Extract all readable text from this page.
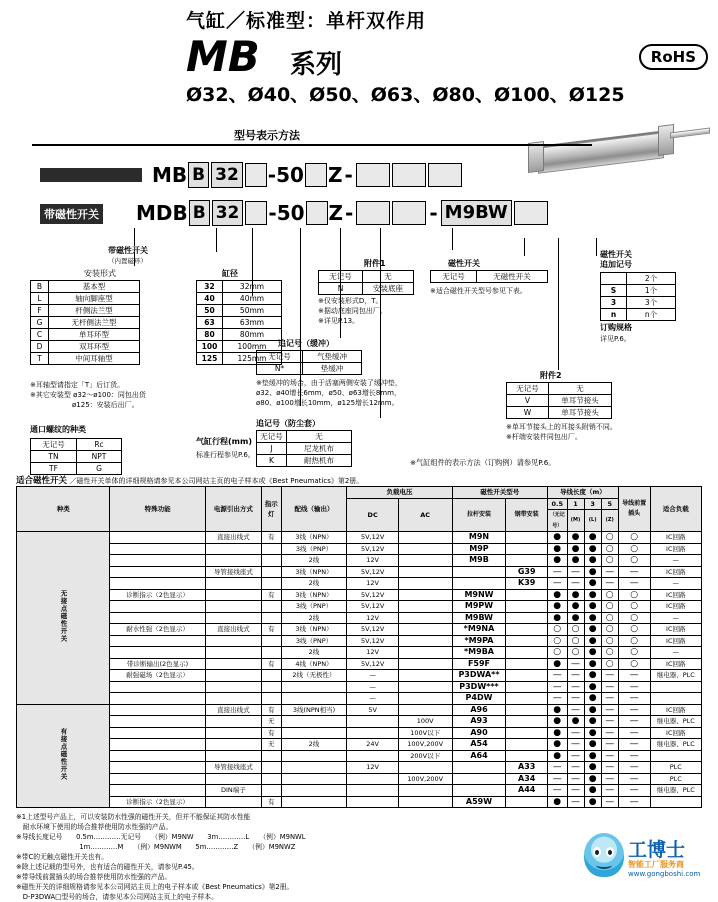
气缸／标准型：单杆双作用
MB 系列
Ø32、Ø40、Ø50、Ø63、Ø80、Ø100、Ø125
RoHS
型号表示方法
MB B 32 -50 Z -
带磁性开关 MDB B 32 -50 Z -	- M9BW
带磁性开关
（内置磁环）
安装形式
B	基本型
L	轴向脚座型
F	杆侧法兰型
G	无杆侧法兰型
C	单耳环型
D	双耳环型
T	中间耳轴型
※耳轴型请指定「T」后订货。
※其它安装型 ø32～ø100：同包出货
　　　　　　ø125：安装后出厂。
缸径
32	32mm
40	40mm
50	50mm
63	63mm
80	80mm
100	100mm
125	125mm
通口螺纹的种类
无记号	Rc
TN	NPT
TF	G
气缸行程(mm)
标准行程参见P.6。
附件1
无记号	无
N	安装底座
※仅安装形式D，T。
※据动底座同包出厂。
※详见P.13。
磁性开关
无记号	无磁性开关
※适合磁性开关型号参见下表。
磁性开关
追加记号
	2个
S	1个
3	3个
n	n个
订购规格
详见P.6。
追记号（缓冲）
无记号	气垫缓冲
N*	垫缓冲
※垫缓冲的场合，由于活塞两侧安装了缓冲垫，ø32、ø40增长6mm，ø50、ø63增长8mm，ø80、ø100增长10mm，ø125增长12mm。
追记号（防尘套）
无记号	无
J	尼龙机布
K	耐热机布
附件2
无记号	无
V	单耳节接头
W	单耳节接头
※单耳节接头上的耳接头附销不同。
※杆端安装件同包出厂。
※气缸组件的表示方法（订购例）请参见P.6。
适合磁性开关 ／磁性开关单体的详细规格请参见本公司网站主页的电子样本或《Best Pneumatics》第2册。
种类	特殊功能	电源引出方式	指示灯	配线（输出）	负载电压		磁性开关型号		导线长度（m）				导线前置插头	适合负载
					DC	AC	拉杆安装	钢带安装	0.5	1	3	5		
									（无记号）	(M)	(L)	(Z)		
无接点磁性开关		直接出线式	有	3线（NPN）	5V,12V		M9N		●	●	●	○	○	IC回路
				3线（PNP）	5V,12V		M9P		●	●	●	○	○	IC回路
				2线	12V		M9B		●	●	●	○	○	—
		导管接线座式		3线（NPN）	5V,12V			G39	—	—	●	—	—	IC回路
				2线	12V			K39	—	—	●	—	—	—
	诊断指示（2色显示）		有	3线（NPN）	5V,12V		M9NW		●	●	●	○	○	IC回路
				3线（PNP）	5V,12V		M9PW		●	●	●	○	○	IC回路
				2线	12V		M9BW		●	●	●	○	○	—
	耐水性强（2色显示）	直接出线式	有	3线（NPN）	5V,12V		*M9NA		○	○	●	○	○	IC回路
				3线（PNP）	5V,12V		*M9PA		○	○	●	○	○	IC回路
				2线	12V		*M9BA		○	○	●	○	○	—
	带诊断输出(2色显示)		有	4线（NPN）	5V,12V		F59F		●	—	●	○	○	IC回路
	耐强磁场（2色显示）			2线（无极性）	—		P3DWA**		—	—	●	—	—	继电器、PLC
					—		P3DW***		—	—	●	—	—	
					—		P4DW		—	—	●	—	—	
有接点磁性开关		直接出线式	有	3线(NPN相当)	5V		A96		●	—	●	—	—	IC回路
			无			100V	A93		●	●	●	—	—	继电器、PLC
			有			100V以下	A90		●	—	●	—	—	IC回路
			无	2线	24V	100V,200V	A54		●	—	●	—	—	继电器、PLC
						200V以下	A64		●	—	●	—	—	
		导管接线座式			12V			A33	—	—	●	—	—	PLC
						100V,200V		A34	—	—	●	—	—	PLC
		DIN端子						A44	—	—	●	—	—	继电器、PLC
	诊断指示（2色显示）		有				A59W		●	—	●	—	—	
※1上述型号产品上，可以安装防水性强的磁性开关，但并不能保证其防水性能
　耐水环境下使用的场合推荐使用防水性强的产品。
※导线长度记号　　0.5m…………无记号　　（例）M9NW　　3m…………L　　（例）M9NWL
　　　　　　　　　 1m…………M　　（例）M9NWM　　5m…………Z　　（例）M9NWZ
※带C的无触点磁性开关也有。
※除上述记载的型号外，也有适合的磁性开关，请参见P.45。
※带导线前置插头的场合推荐使用防水性强的产品。
※磁性开关的详细规格请参见本公司网站主页上的电子样本或《Best Pneumatics》第2册。
　D-P3DWA□型号的场合，请参见本公司网站主页上的电子样本。
工博士
智能工厂服务商
www.gongboshi.com
